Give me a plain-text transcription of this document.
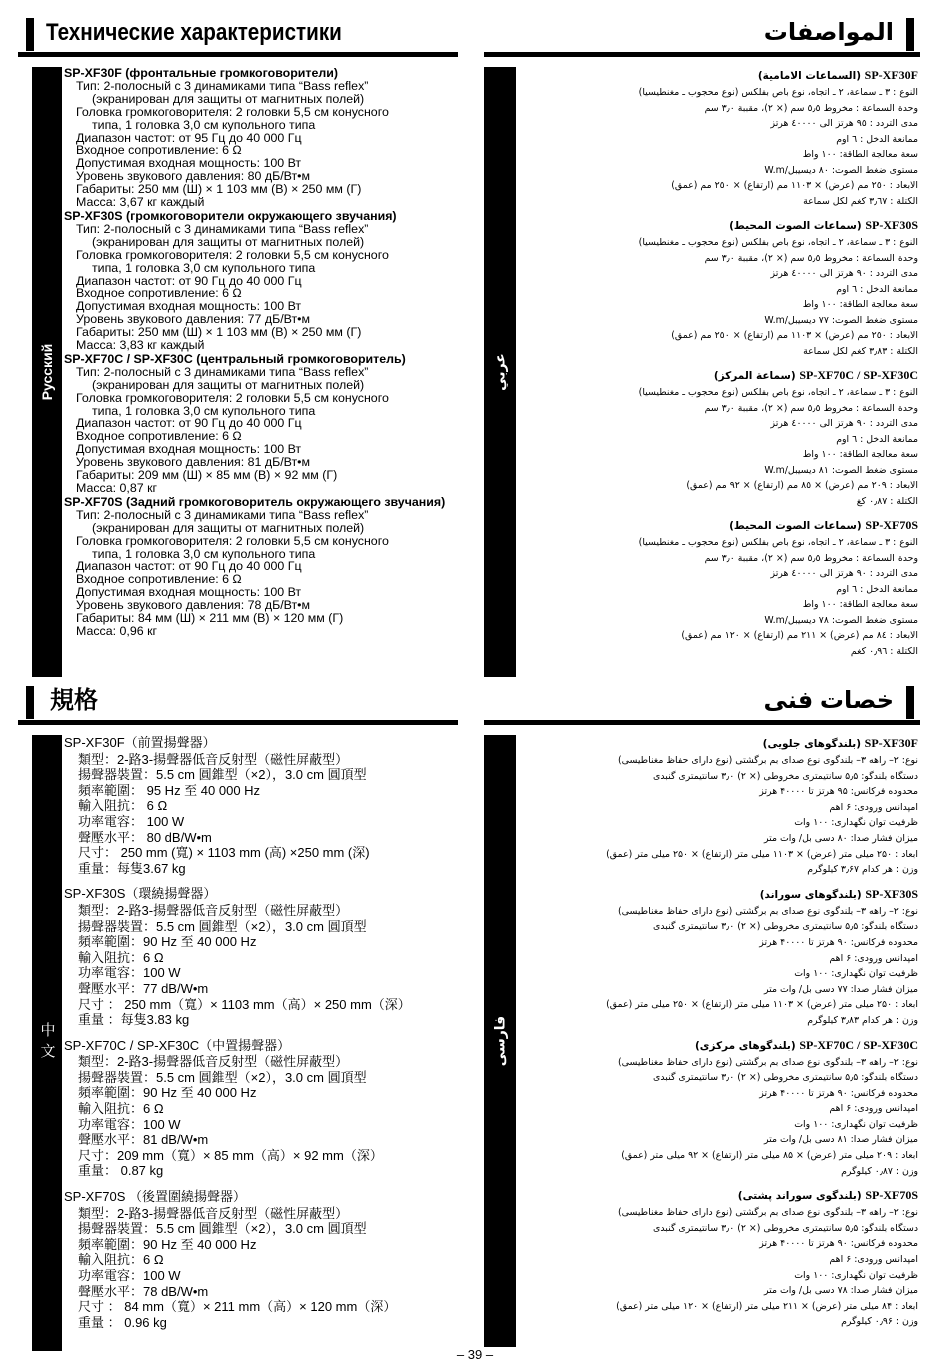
Технические характеристики
Русский
SP-XF30F (фронтальные громкоговорители)
Тип: 2-полосный с 3 динамиками типа “Bass reflex”
(экранирован для защиты от магнитных полей)
Головка громкоговорителя: 2 головки 5,5 см конусного
типа, 1 головка 3,0 см купольного типа
Диапазон частот: от 95 Гц до 40 000 Гц
Входное сопротивление: 6 Ω
Допустимая входная мощность: 100 Вт
Уровень звукового давления: 80 дБ/Вт•м
Габариты: 250 мм (Ш) × 1 103 мм (В) × 250 мм (Г)
Масса: 3,67 кг каждый
SP-XF30S (громкоговорители окружающего звучания)
Тип: 2-полосный с 3 динамиками типа “Bass reflex”
(экранирован для защиты от магнитных полей)
Головка громкоговорителя: 2 головки 5,5 см конусного
типа, 1 головка 3,0 см купольного типа
Диапазон частот: от 90 Гц до 40 000 Гц
Входное сопротивление: 6 Ω
Допустимая входная мощность: 100 Вт
Уровень звукового давления: 77 дБ/Вт•м
Габариты: 250 мм (Ш) × 1 103 мм (В) × 250 мм (Г)
Масса: 3,83 кг каждый
SP-XF70C / SP-XF30C (центральный громкоговоритель)
Тип: 2-полосный с 3 динамиками типа “Bass reflex”
(экранирован для защиты от магнитных полей)
Головка громкоговорителя: 2 головки 5,5 см конусного
типа, 1 головка 3,0 см купольного типа
Диапазон частот: от 90 Гц до 40 000 Гц
Входное сопротивление: 6 Ω
Допустимая входная мощность: 100 Вт
Уровень звукового давления: 81 дБ/Вт•м
Габариты: 209 мм (Ш) × 85 мм (В) × 92 мм (Г)
Масса: 0,87 кг
SP-XF70S (Задний громкоговоритель окружающего звучания)
Тип: 2-полосный с 3 динамиками типа “Bass reflex”
(экранирован для защиты от магнитных полей)
Головка громкоговорителя: 2 головки 5,5 см конусного
типа, 1 головка 3,0 см купольного типа
Диапазон частот: от 90 Гц до 40 000 Гц
Входное сопротивление: 6 Ω
Допустимая входная мощность: 100 Вт
Уровень звукового давления: 78 дБ/Вт•м
Габариты: 84 мм (Ш) × 211 мм (В) × 120 мм (Г)
Масса: 0,96 кг
المواصفات
عربي
SP-XF30F (السماعات الامامية)
النوع : ٣ ـ سماعة، ٢ ـ اتجاه، نوع باص بفلكس (نوع محجوب ـ مغنطيسيا)
وحدة السماعة : مخروط ٥٫٥ سم (× ٢)، مقببة ٣٫٠ سم
مدى التردد : ٩٥ هرتز الى ٤٠٠٠٠ هرتز
ممانعة الدخل : ٦ اوم
سعة معالجة الطاقة: ١٠٠ واط
مستوى ضغط الصوت: ٨٠ ديسيبل/W.m
الابعاد : ٢٥٠ مم (عرض) × ١١٠٣ مم (ارتفاع) × ٢٥٠ مم (عمق)
الكتلة : ٣٫٦٧ كغم لكل سماعة
SP-XF30S (سماعات الصوت المحيط)
النوع : ٣ ـ سماعة، ٢ ـ اتجاه، نوع باص بفلكس (نوع محجوب ـ مغنطيسيا)
وحدة السماعة : مخروط ٥٫٥ سم (× ٢)، مقببة ٣٫٠ سم
مدى التردد : ٩٠ هرتز الى ٤٠٠٠٠ هرتز
ممانعة الدخل : ٦ اوم
سعة معالجة الطاقة: ١٠٠ واط
مستوى ضغط الصوت: ٧٧ ديسيبل/W.m
الابعاد : ٢٥٠ مم (عرض) × ١١٠٣ مم (ارتفاع) × ٢٥٠ مم (عمق)
الكتلة : ٣٫٨٣ كغم لكل سماعة
SP-XF70C / SP-XF30C (سماعة المركز)
النوع : ٣ ـ سماعة، ٢ ـ اتجاه، نوع باص بفلكس (نوع محجوب ـ مغنطيسيا)
وحدة السماعة : مخروط ٥٫٥ سم (× ٢)، مقببة ٣٫٠ سم
مدى التردد : ٩٠ هرتز الى ٤٠٠٠٠ هرتز
ممانعة الدخل : ٦ اوم
سعة معالجة الطاقة: ١٠٠ واط
مستوى ضغط الصوت: ٨١ ديسيبل/W.m
الابعاد : ٢٠٩ مم (عرض) × ٨٥ مم (ارتفاع) × ٩٢ مم (عمق)
الكتلة : ٠٫٨٧ كغ
SP-XF70S (سماعات الصوت المحيط)
النوع : ٣ ـ سماعة، ٢ ـ اتجاه، نوع باص بفلكس (نوع محجوب ـ مغنطيسيا)
وحدة السماعة : مخروط ٥٫٥ سم (× ٢)، مقببة ٣٫٠ سم
مدى التردد : ٩٠ هرتز الى ٤٠٠٠٠ هرتز
ممانعة الدخل : ٦ اوم
سعة معالجة الطاقة: ١٠٠ واط
مستوى ضغط الصوت: ٧٨ ديسيبل/W.m
الابعاد : ٨٤ مم (عرض) × ٢١١ مم (ارتفاع) × ١٢٠ مم (عمق)
الكتلة : ٠٫٩٦ كغم
規格
中文
SP-XF30F（前置揚聲器）
類型：2-路3-揚聲器低音反射型（磁性屏蔽型）
揚聲器裝置：5.5 cm 圓錐型（×2），3.0 cm 圓頂型
頻率範圍： 95 Hz 至 40 000 Hz
輸入阻抗： 6 Ω
功率電容： 100 W
聲壓水平： 80 dB/W•m
尺寸： 250 mm (寬) × 1103 mm (高) ×250 mm (深)
重量：每隻3.67 kg
SP-XF30S（環繞揚聲器）
類型：2-路3-揚聲器低音反射型（磁性屏蔽型）
揚聲器裝置：5.5 cm 圓錐型（×2），3.0 cm 圓頂型
頻率範圍：90 Hz 至 40 000 Hz
輸入阻抗：6 Ω
功率電容：100 W
聲壓水平：77 dB/W•m
尺寸 ： 250 mm（寬）× 1103 mm（高）× 250 mm（深）
重量 ：每隻3.83 kg
SP-XF70C / SP-XF30C（中置揚聲器）
類型：2-路3-揚聲器低音反射型（磁性屏蔽型）
揚聲器裝置：5.5 cm 圓錐型（×2），3.0 cm 圓頂型
頻率範圍：90 Hz 至 40 000 Hz
輸入阻抗：6 Ω
功率電容：100 W
聲壓水平：81 dB/W•m
尺寸：209 mm（寬）× 85 mm（高）× 92 mm（深）
重量： 0.87 kg
SP-XF70S （後置圍繞揚聲器）
類型：2-路3-揚聲器低音反射型（磁性屏蔽型）
揚聲器裝置：5.5 cm 圓錐型（×2），3.0 cm 圓頂型
頻率範圍：90 Hz 至 40 000 Hz
輸入阻抗：6 Ω
功率電容：100 W
聲壓水平：78 dB/W•m
尺寸 ： 84 mm（寬）× 211 mm（高）× 120 mm（深）
重量 ： 0.96 kg
خصات فنی
فارسی
SP-XF30F (بلندگوهای جلویی)
نوع: ۲– راهه ۳– بلندگوی نوع صدای بم برگشتی (نوع دارای حفاظ مغناطیسی)
دستگاه بلندگو: ۵٫۵ سانتیمتری مخروطی (× ۲) ۳٫۰ سانتیمتری گنبدی
محدوده فرکانس: ۹۵ هرتز تا ۴۰۰۰۰ هرتز
امپدانس ورودی: ۶ اهم
ظرفیت توان نگهداری: ۱۰۰ وات
میزان فشار صدا: ۸۰ دسی بل/ وات متر
ابعاد : ۲۵۰ میلی متر (عرض) × ۱۱۰۳ میلی متر (ارتفاع) × ۲۵۰ میلی متر (عمق)
وزن : هر کدام ۳٫۶۷ کیلوگرم
SP-XF30S (بلندگوهای سوراند)
نوع: ۲– راهه ۳– بلندگوی نوع صدای بم برگشتی (نوع دارای حفاظ مغناطیسی)
دستگاه بلندگو: ۵٫۵ سانتیمتری مخروطی (× ۲) ۳٫۰ سانتیمتری گنبدی
محدوده فرکانس: ۹۰ هرتز تا ۴۰۰۰۰ هرتز
امپدانس ورودی: ۶ اهم
ظرفیت توان نگهداری: ۱۰۰ وات
میزان فشار صدا: ۷۷ دسی بل/ وات متر
ابعاد : ۲۵۰ میلی متر (عرض) × ۱۱۰۳ میلی متر (ارتفاع) × ۲۵۰ میلی متر (عمق)
وزن : هر کدام ۳٫۸۳ کیلوگرم
SP-XF70C / SP-XF30C (بلندگوهای مرکزی)
نوع: ۲– راهه ۳– بلندگوی نوع صدای بم برگشتی (نوع دارای حفاظ مغناطیسی)
دستگاه بلندگو: ۵٫۵ سانتیمتری مخروطی (× ۲) ۳٫۰ سانتیمتری گنبدی
محدوده فرکانس: ۹۰ هرتز تا ۴۰۰۰۰ هرتز
امپدانس ورودی: ۶ اهم
ظرفیت توان نگهداری: ۱۰۰ وات
میزان فشار صدا: ۸۱ دسی بل/ وات متر
ابعاد : ۲۰۹ میلی متر (عرض) × ۸۵ میلی متر (ارتفاع) × ۹۲ میلی متر (عمق)
وزن : ۰٫۸۷ کیلوگرم
SP-XF70S (بلندگوی سوراند پشتی)
نوع: ۲– راهه ۳– بلندگوی نوع صدای بم برگشتی (نوع دارای حفاظ مغناطیسی)
دستگاه بلندگو: ۵٫۵ سانتیمتری مخروطی (× ۲) ۳٫۰ سانتیمتری گنبدی
محدوده فرکانس: ۹۰ هرتز تا ۴۰۰۰۰ هرتز
امپدانس ورودی: ۶ اهم
ظرفیت توان نگهداری: ۱۰۰ وات
میزان فشار صدا: ۷۸ دسی بل/ وات متر
ابعاد : ۸۴ میلی متر (عرض) × ۲۱۱ میلی متر (ارتفاع) × ۱۲۰ میلی متر (عمق)
وزن : ۰٫۹۶ کیلوگرم
– 39 –
